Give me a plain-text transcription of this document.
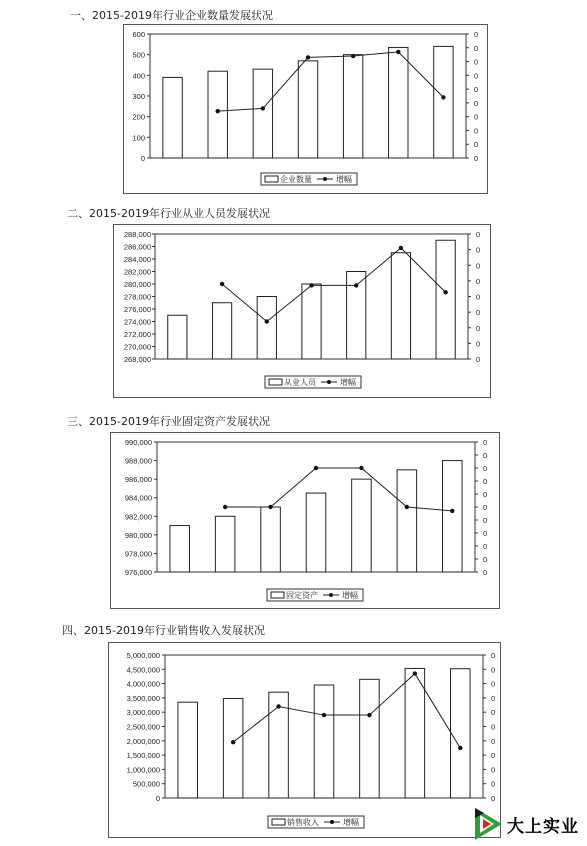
一、2015-2019年行业企业数量发展状况
600
500
400
300
200
100
0
0
0
0
0
0
0
0
0
0
0
企业数量	增幅
二、2015-2019年行业从业人员发展状况
288,000
286,000
284,000
282,000
280,000
278,000
276,000
274,000
272,000
270,000
268,000
0
0
0
0
0
0
0
0
0
从业人员	增幅
三、2015-2019年行业固定资产发展状况
990,000
988,000
986,000
984,000
982,000
980,000
978,000
976,000
0
0
0
0
0
0
0
0
0
0
0
固定资产	增幅
四、2015-2019年行业销售收入发展状况
5,000,000
4,500,000
4,000,000
3,500,000
3,000,000
2,500,000
2,000,000
1,500,000
1,000,000
500,000
0
0
0
0
0
0
0
0
0
0
0
0
销售收入	增幅	大上实业
